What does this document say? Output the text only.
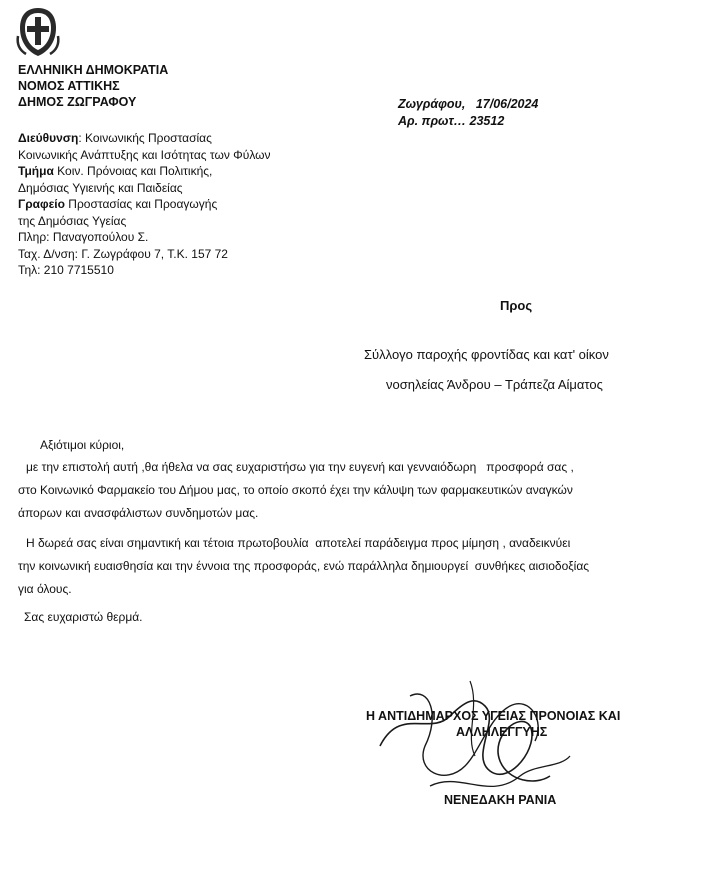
ΕΛΛΗΝΙΚΗ ΔΗΜΟΚΡΑΤΙΑ
ΝΟΜΟΣ ΑΤΤΙΚΗΣ
ΔΗΜΟΣ ΖΩΓΡΑΦΟΥ
Διεύθυνση: Κοινωνικής Προστασίας
Κοινωνικής Ανάπτυξης και Ισότητας των Φύλων
Τμήμα Κοιν. Πρόνοιας και Πολιτικής,
Δημόσιας Υγιεινής και Παιδείας
Γραφείο Προστασίας και Προαγωγής
της Δημόσιας Υγείας
Πληρ: Παναγοπούλου Σ.
Ταχ. Δ/νση: Γ. Ζωγράφου 7, Τ.Κ. 157 72
Τηλ: 210 7715510
Ζωγράφου,   17/06/2024
Αρ. πρωτ… 23512
Προς
Σύλλογο παροχής φροντίδας και κατ' οίκον
νοσηλείας Άνδρου – Τράπεζα Αίματος
Αξιότιμοι κύριοι,
με την επιστολή αυτή ,θα ήθελα να σας ευχαριστήσω για την ευγενή και γενναιόδωρη   προσφορά σας ,
στο Κοινωνικό Φαρμακείο του Δήμου μας, το οποίο σκοπό έχει την κάλυψη των φαρμακευτικών αναγκών
άπορων και ανασφάλιστων συνδημοτών μας.
Η δωρεά σας είναι σημαντική και τέτοια πρωτοβουλία  αποτελεί παράδειγμα προς μίμηση , αναδεικνύει
την κοινωνική ευαισθησία και την έννοια της προσφοράς, ενώ παράλληλα δημιουργεί  συνθήκες αισιοδοξίας
για όλους.
Σας ευχαριστώ θερμά.
Η ΑΝΤΙΔΗΜΑΡΧΟΣ ΥΓΕΙΑΣ ΠΡΟΝΟΙΑΣ ΚΑΙ
ΑΛΛΗΛΕΓΓΥΗΣ
ΝΕΝΕΔΑΚΗ ΡΑΝΙΑ
